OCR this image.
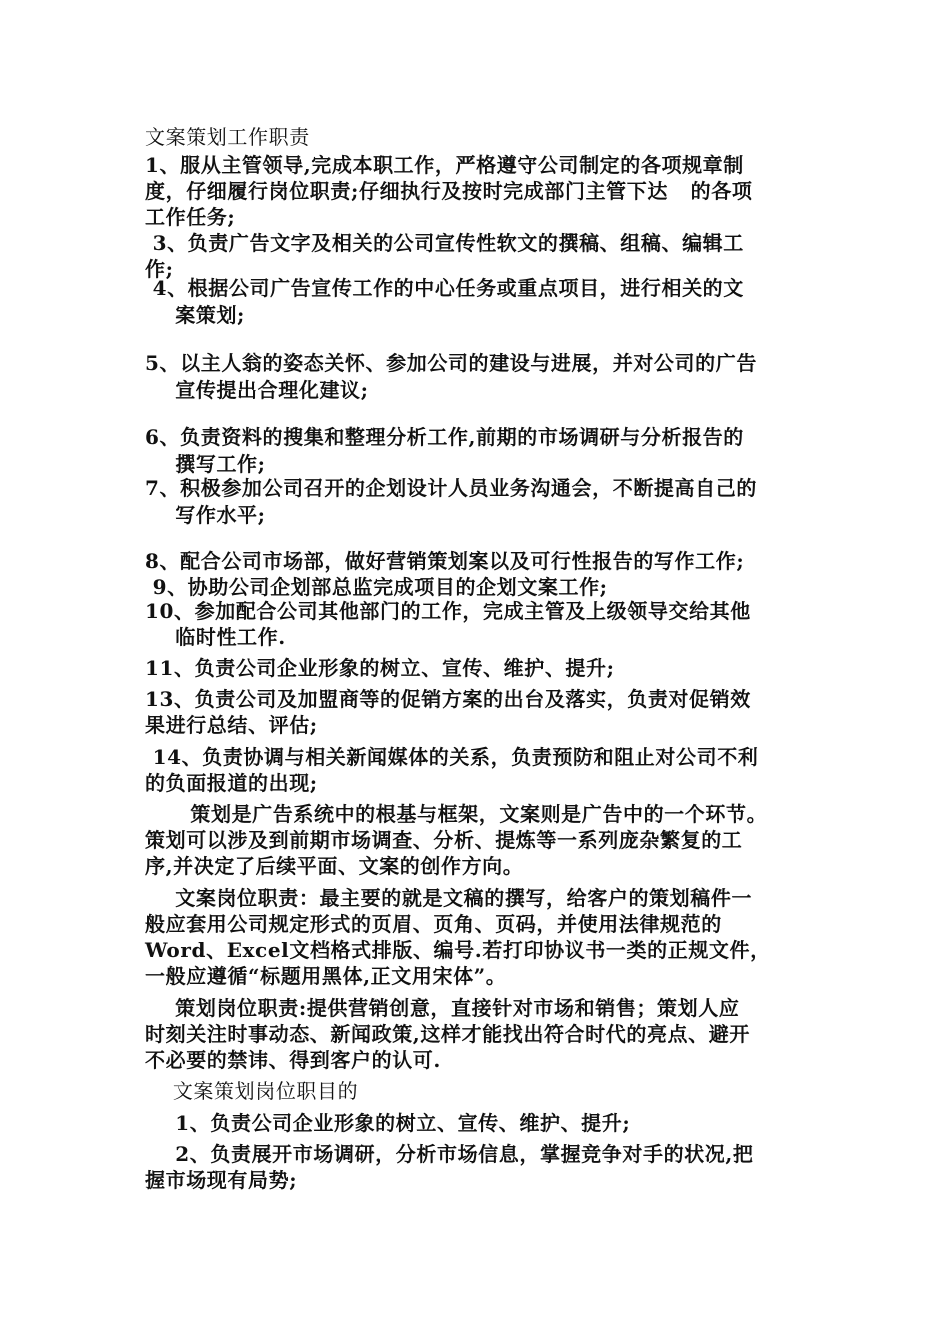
文案策划工作职责
1、服从主管领导,完成本职工作，严格遵守公司制定的各项规章制
度，仔细履行岗位职责;仔细执行及按时完成部门主管下达   的各项
工作任务;
3、负责广告文字及相关的公司宣传性软文的撰稿、组稿、编辑工
作;
4、根据公司广告宣传工作的中心任务或重点项目，进行相关的文
案策划;
5、以主人翁的姿态关怀、参加公司的建设与进展，并对公司的广告
宣传提出合理化建议;
6、负责资料的搜集和整理分析工作,前期的市场调研与分析报告的
撰写工作;
7、积极参加公司召开的企划设计人员业务沟通会，不断提高自己的
写作水平;
8、配合公司市场部，做好营销策划案以及可行性报告的写作工作;
9、协助公司企划部总监完成项目的企划文案工作;
10、参加配合公司其他部门的工作，完成主管及上级领导交给其他
临时性工作.
11、负责公司企业形象的树立、宣传、维护、提升;
13、负责公司及加盟商等的促销方案的出台及落实，负责对促销效
果进行总结、评估;
14、负责协调与相关新闻媒体的关系，负责预防和阻止对公司不利
的负面报道的出现;
策划是广告系统中的根基与框架，文案则是广告中的一个环节。
策划可以涉及到前期市场调查、分析、提炼等一系列庞杂繁复的工
序,并决定了后续平面、文案的创作方向。
文案岗位职责：最主要的就是文稿的撰写，给客户的策划稿件一
般应套用公司规定形式的页眉、页角、页码，并使用法律规范的
Word、Excel文档格式排版、编号.若打印协议书一类的正规文件，
一般应遵循“标题用黑体,正文用宋体”。
策划岗位职责:提供营销创意，直接针对市场和销售；策划人应
时刻关注时事动态、新闻政策,这样才能找出符合时代的亮点、避开
不必要的禁讳、得到客户的认可.
文案策划岗位职目的
1、负责公司企业形象的树立、宣传、维护、提升;
2、负责展开市场调研，分析市场信息，掌握竞争对手的状况,把
握市场现有局势;
